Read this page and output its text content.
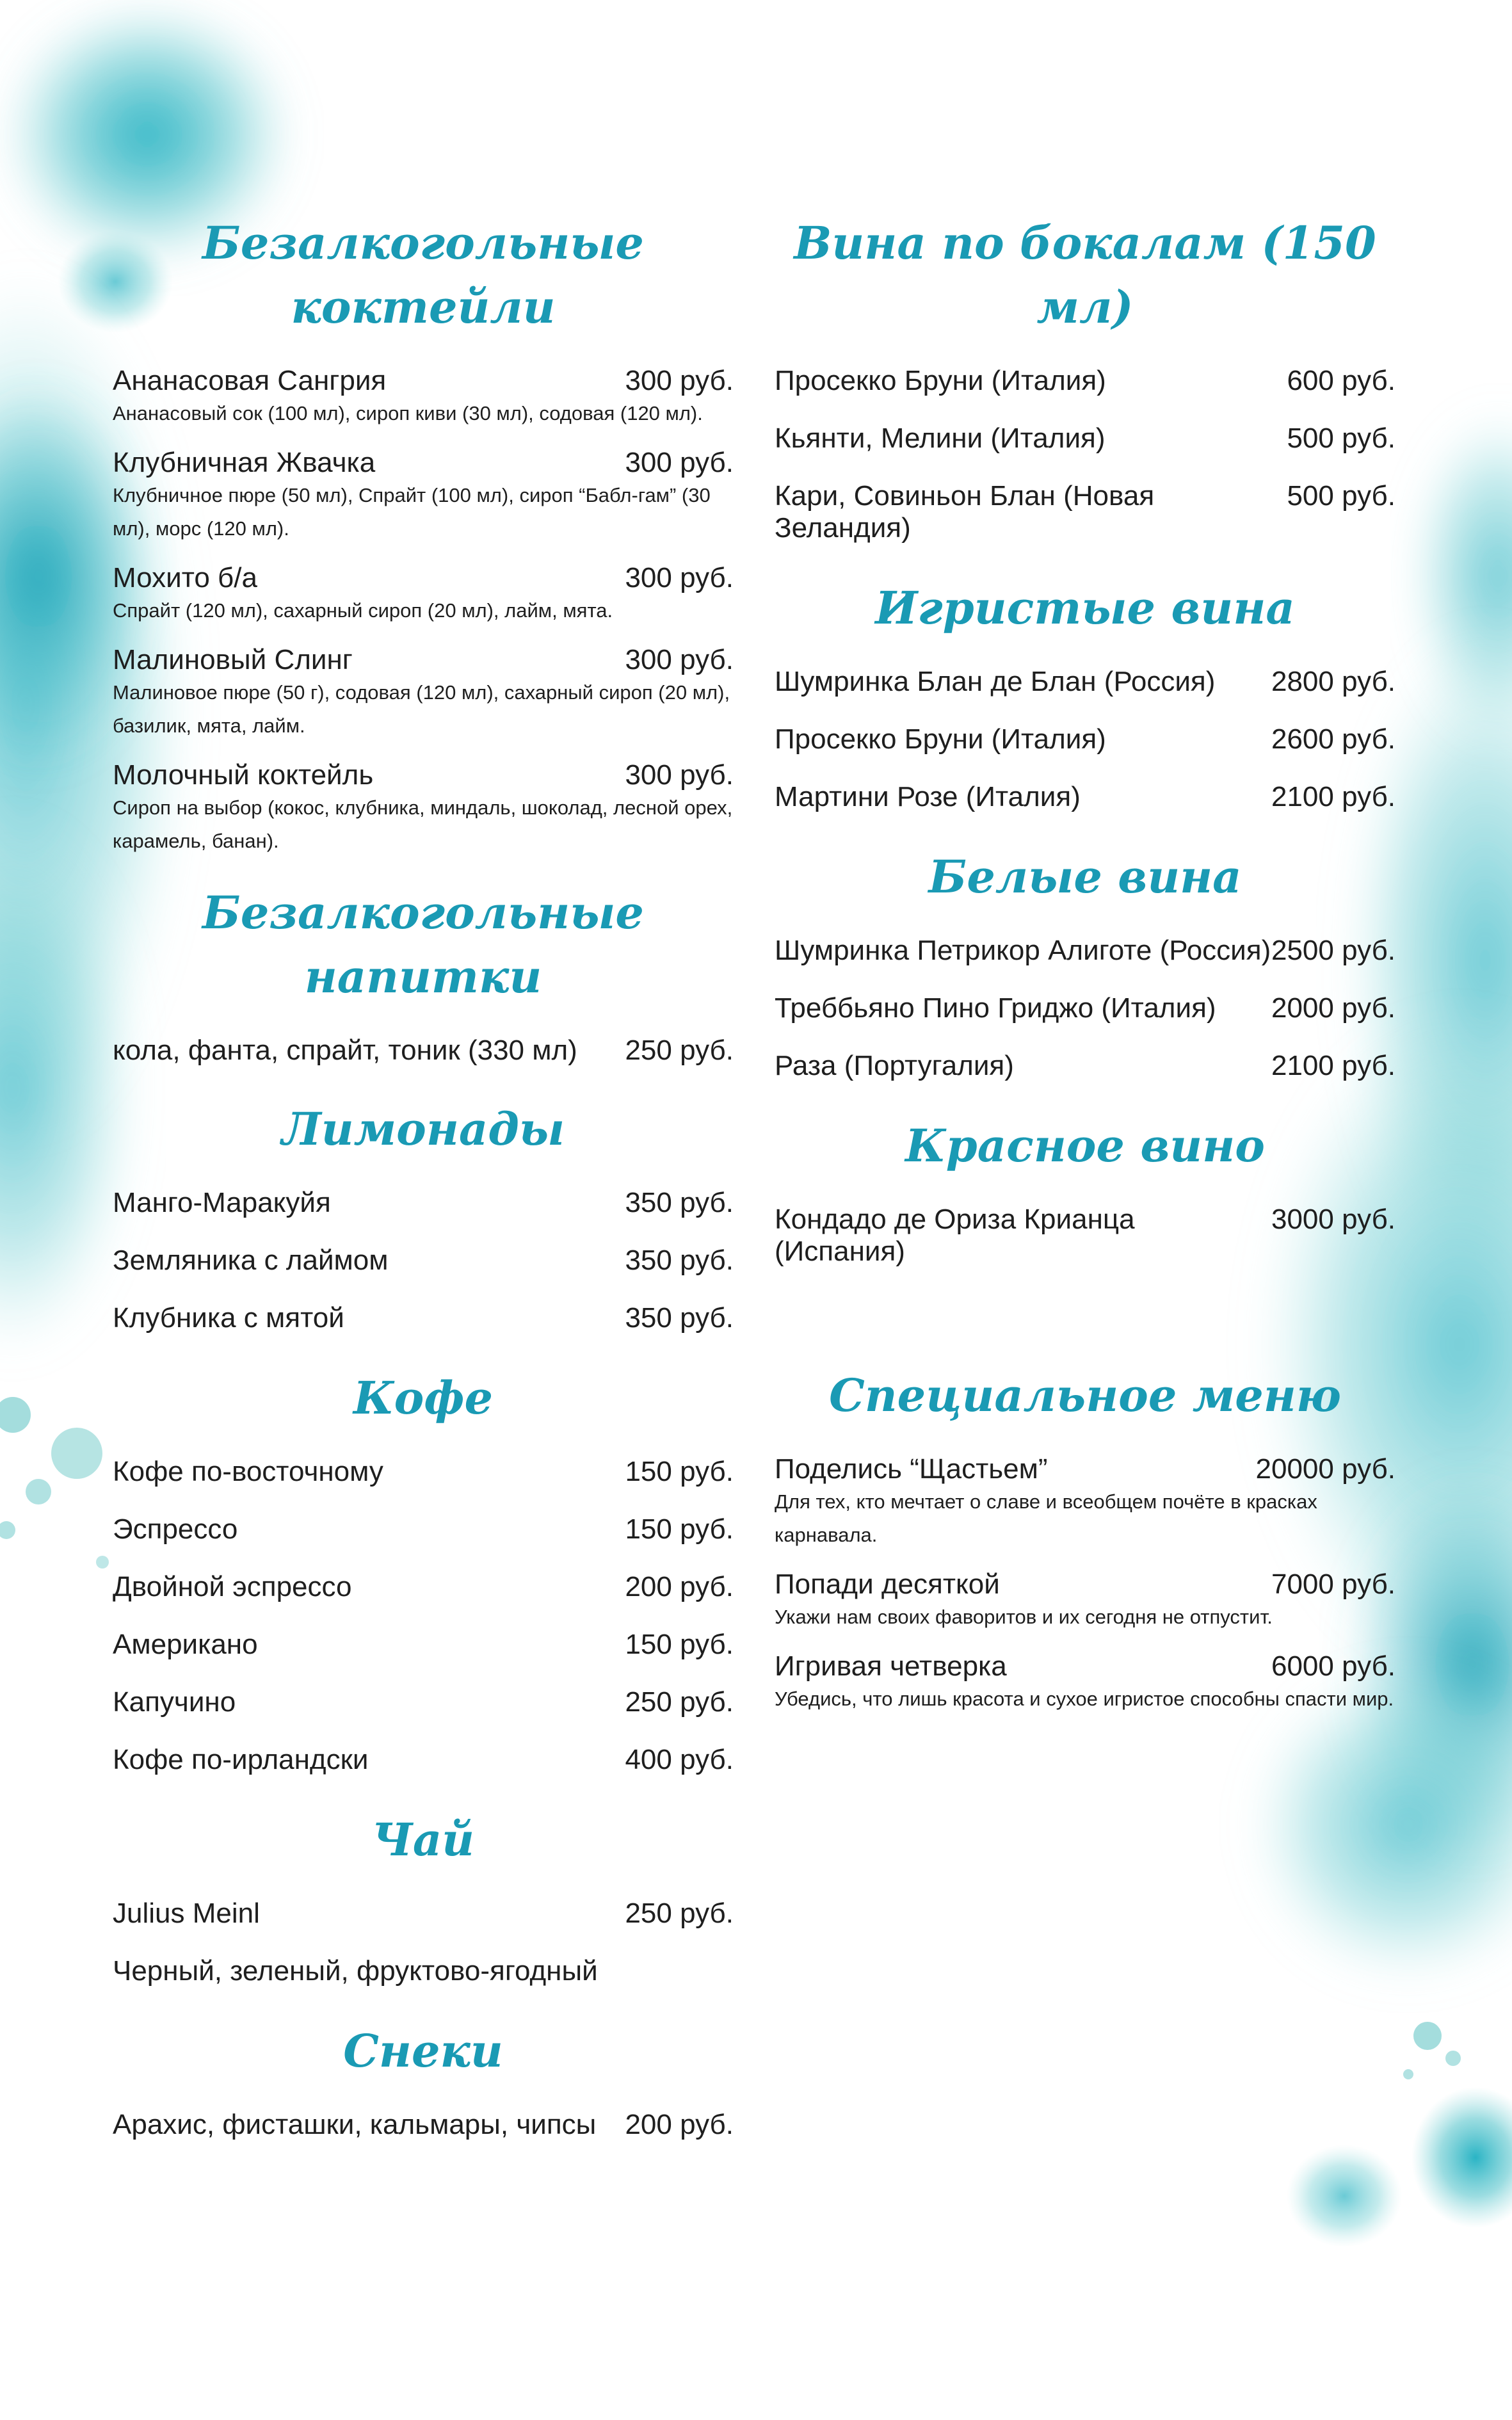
Безалкогольные коктейли
Ананасовая Сангрия	300 руб.
Ананасовый сок (100 мл), сироп киви (30 мл), содовая (120 мл).
Клубничная Жвачка	300 руб.
Клубничное пюре (50 мл), Спрайт (100 мл), сироп “Бабл-гам” (30 мл), морс (120 мл).
Мохито б/а	300 руб.
Спрайт (120 мл), сахарный сироп (20 мл), лайм, мята.
Малиновый Слинг	300 руб.
Малиновое пюре (50 г), содовая (120 мл), сахарный сироп (20 мл), базилик, мята, лайм.
Молочный коктейль	300 руб.
Сироп на выбор (кокос, клубника, миндаль, шоколад, лесной орех, карамель, банан).
Безалкогольные напитки
кола, фанта, спрайт, тоник (330 мл) 250 руб.
Лимонады
Манго-Маракуйя	350 руб.
Земляника с лаймом	350 руб.
Клубника с мятой	350 руб.
Кофе
Кофе по-восточному	150 руб.
Эспрессо	150 руб.
Двойной эспрессо	200 руб.
Американо	150 руб.
Капучино	250 руб.
Кофе по-ирландски	400 руб.
Чай
Julius Meinl	250 руб.
Черный, зеленый, фруктово-ягодный
Снеки
Арахис, фисташки, кальмары, чипсы 200 руб.
Вина по бокалам (150 мл)
Просекко Бруни (Италия)	600 руб.
Кьянти, Мелини (Италия)	500 руб.
Кари, Совиньон Блан (Новая Зеландия)
500 руб.
Игристые вина
Шумринка Блан де Блан (Россия) 2800 руб.
Просекко Бруни (Италия)	2600 руб.
Мартини Розе (Италия)	2100 руб.
Белые вина
Шумринка Петрикор Алиготе (Россия) 2500 руб.
Треббьяно Пино Гриджо (Италия) 2000 руб.
Раза (Португалия)	2100 руб.
Красное вино
Кондадо де Ориза Крианца (Испания)
3000 руб.
Специальное меню
Поделись “Щастьем”	20000 руб.
Для тех, кто мечтает о славе и всеобщем почёте в красках карнавала.
Попади десяткой	7000 руб.
Укажи нам своих фаворитов и их сегодня не отпустит.
Игривая четверка	6000 руб.
Убедись, что лишь красота и сухое игристое способны спасти мир.
